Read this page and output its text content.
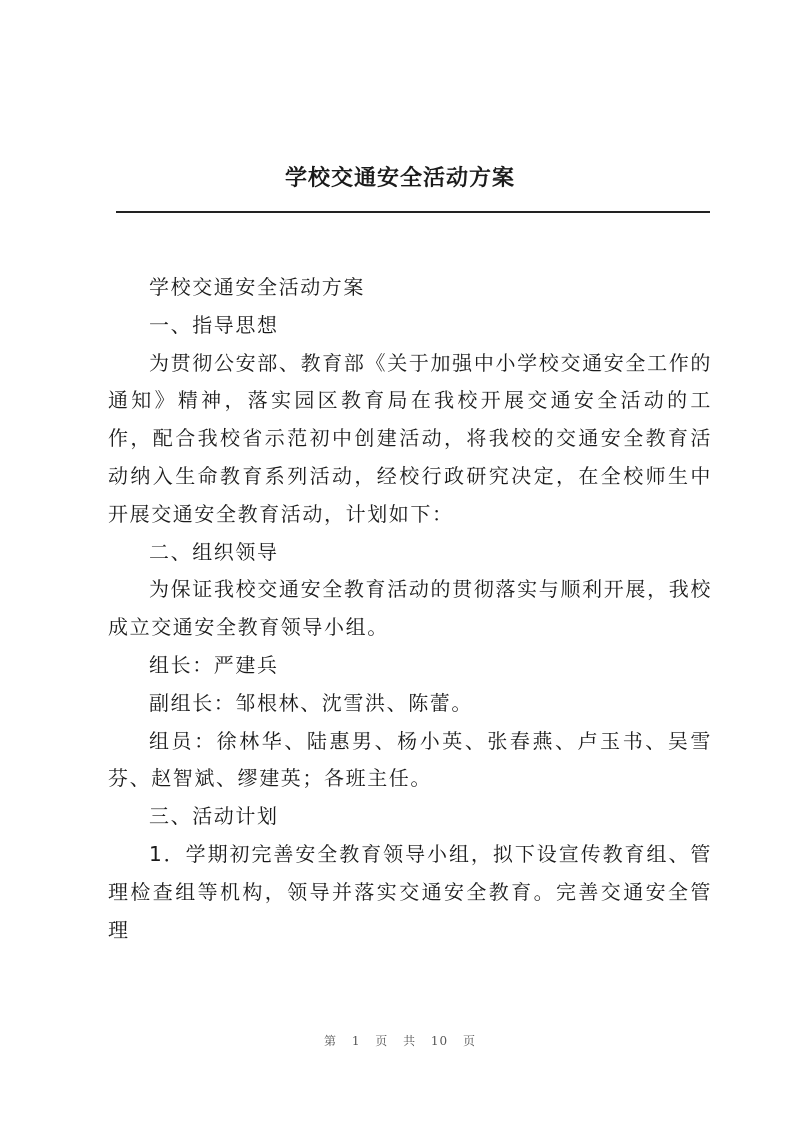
学校交通安全活动方案

学校交通安全活动方案

一、指导思想

为贯彻公安部、教育部《关于加强中小学校交通安全工作的通知》精神，落实园区教育局在我校开展交通安全活动的工作，配合我校省示范初中创建活动，将我校的交通安全教育活动纳入生命教育系列活动，经校行政研究决定，在全校师生中开展交通安全教育活动，计划如下：

二、组织领导

为保证我校交通安全教育活动的贯彻落实与顺利开展，我校成立交通安全教育领导小组。

组长：严建兵

副组长：邹根林、沈雪洪、陈蕾。

组员：徐林华、陆惠男、杨小英、张春燕、卢玉书、吴雪芬、赵智斌、缪建英；各班主任。

三、活动计划

1．学期初完善安全教育领导小组，拟下设宣传教育组、管理检查组等机构，领导并落实交通安全教育。完善交通安全管理

第 1 页 共 10 页
